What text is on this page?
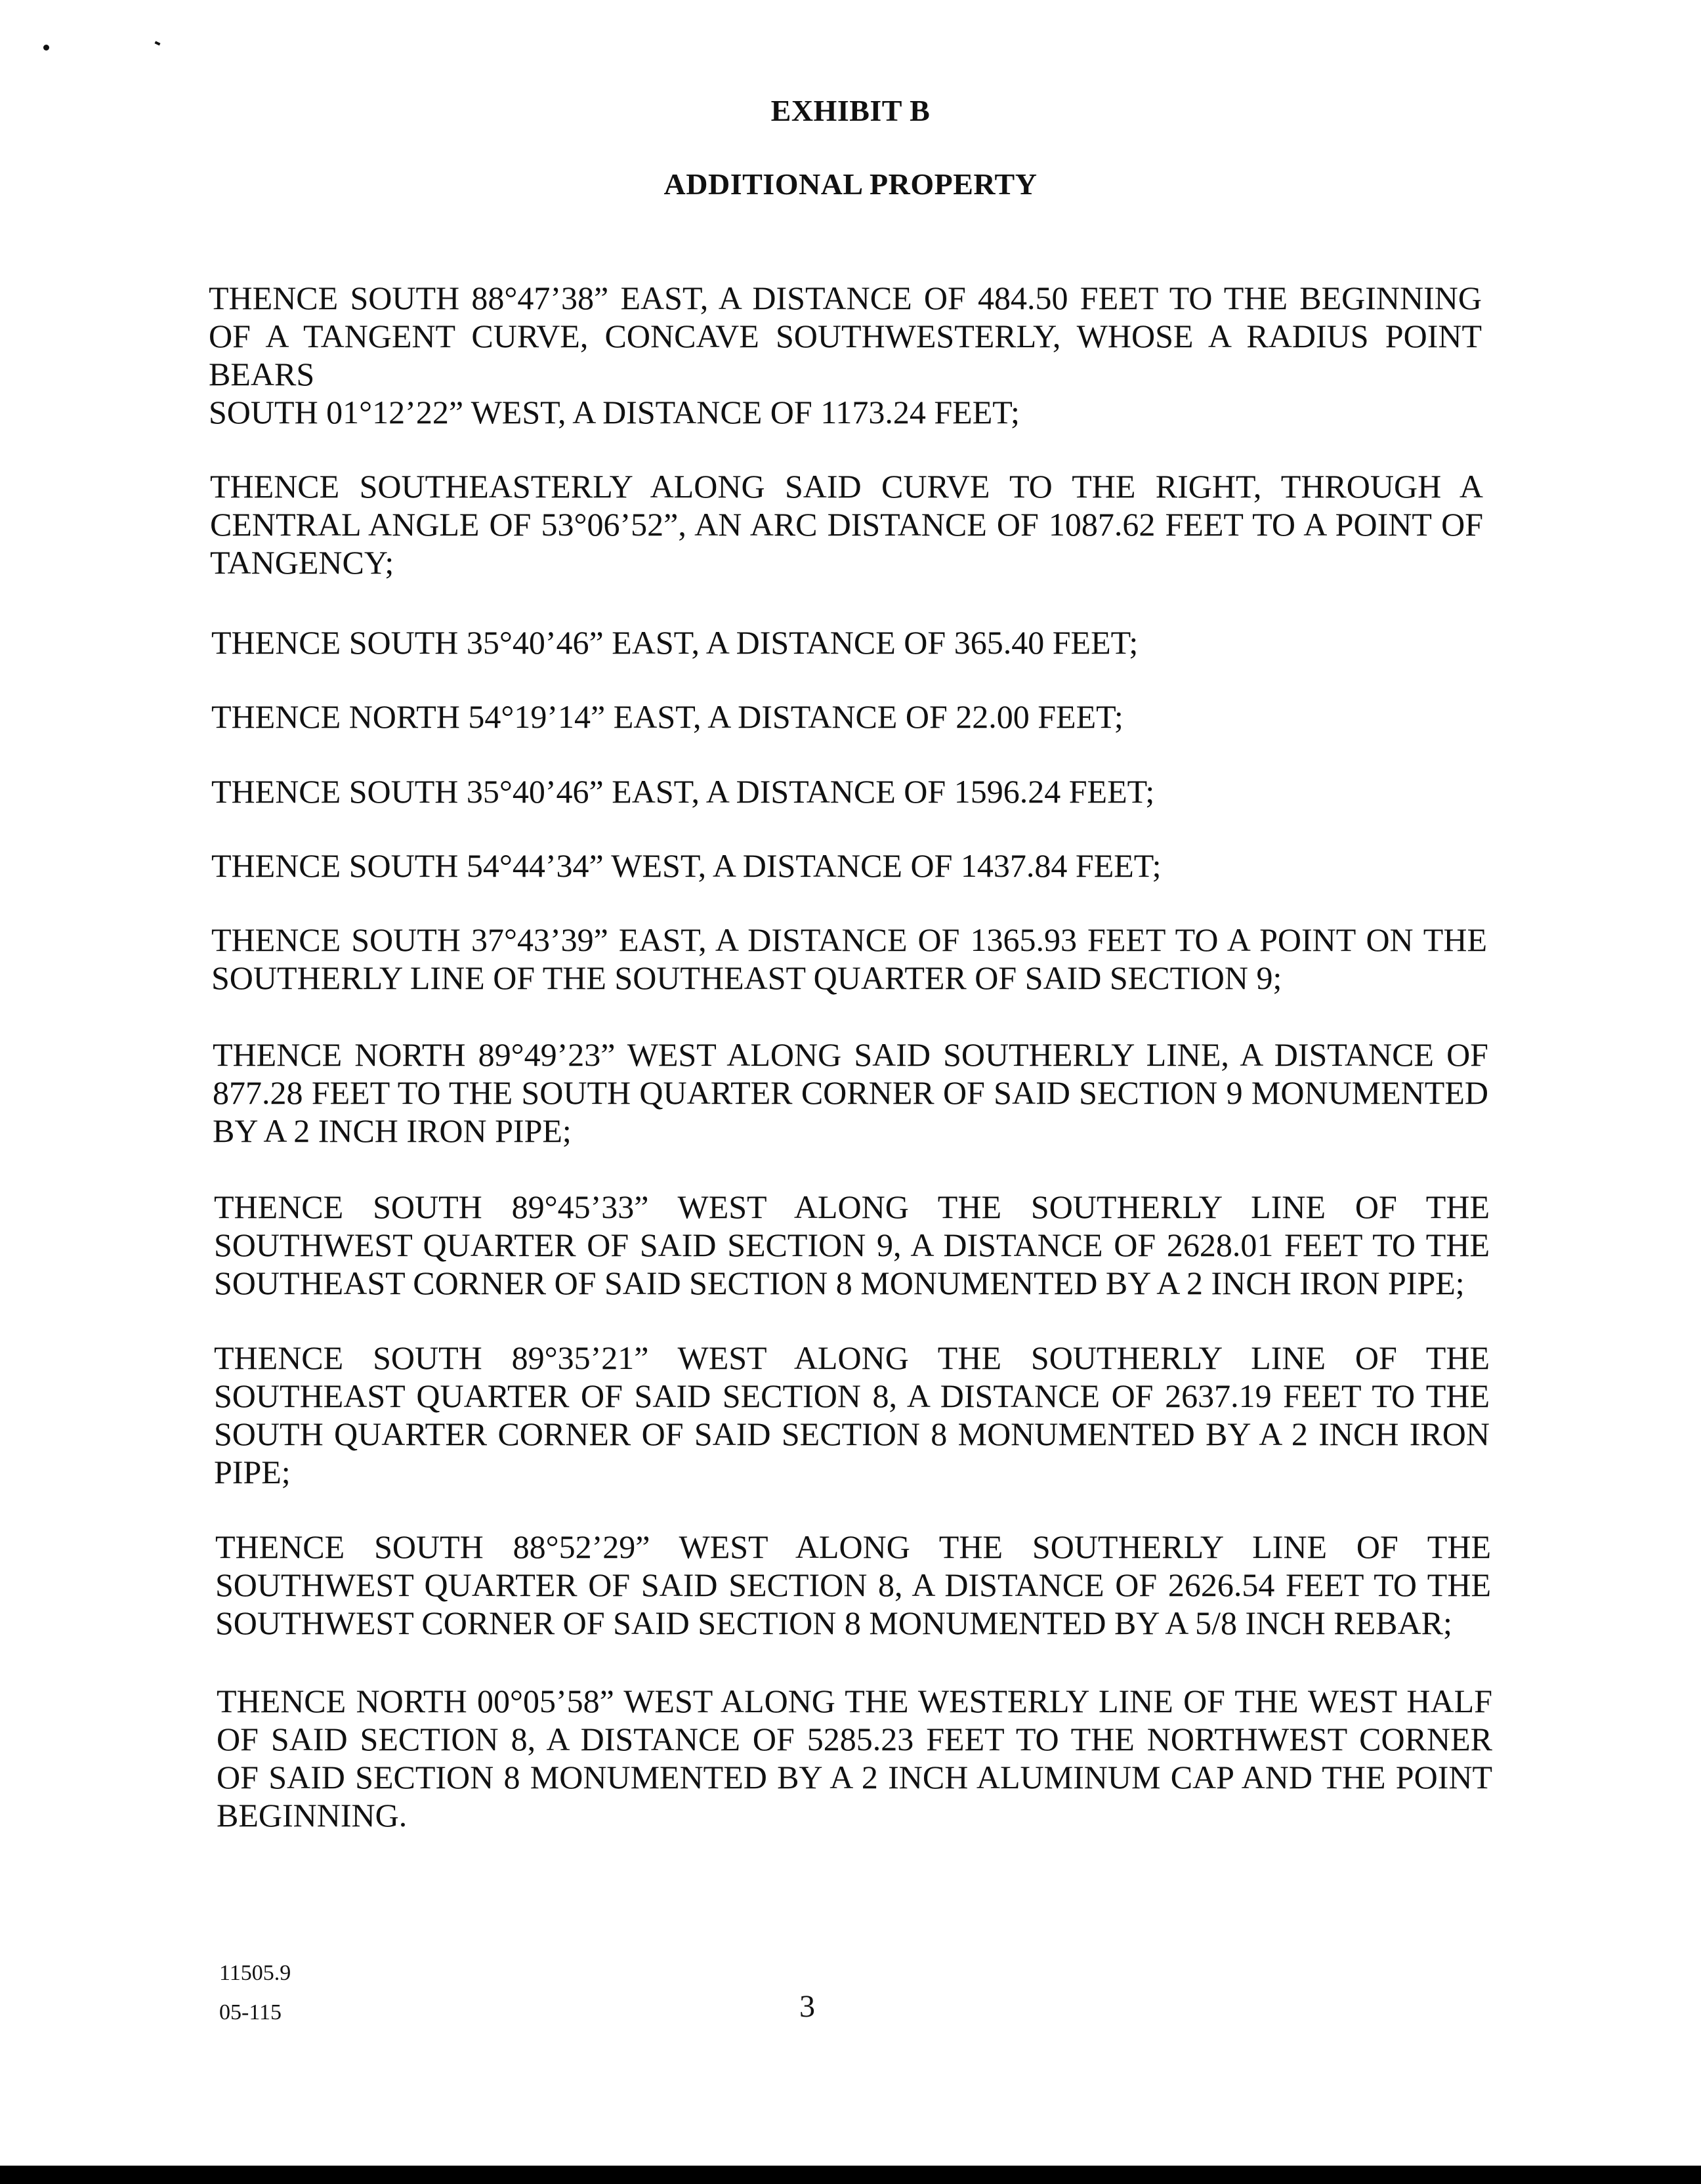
EXHIBIT B
ADDITIONAL PROPERTY
THENCE SOUTH 88°47’38” EAST, A DISTANCE OF 484.50 FEET TO THE BEGINNING
OF A TANGENT CURVE, CONCAVE SOUTHWESTERLY, WHOSE A RADIUS POINT
BEARS
SOUTH 01°12’22” WEST, A DISTANCE OF 1173.24 FEET;
THENCE SOUTHEASTERLY ALONG SAID CURVE TO THE RIGHT, THROUGH A
CENTRAL ANGLE OF 53°06’52”, AN ARC DISTANCE OF 1087.62 FEET TO A POINT OF
TANGENCY;
THENCE SOUTH 35°40’46” EAST, A DISTANCE OF 365.40 FEET;
THENCE NORTH 54°19’14” EAST, A DISTANCE OF 22.00 FEET;
THENCE SOUTH 35°40’46” EAST, A DISTANCE OF 1596.24 FEET;
THENCE SOUTH 54°44’34” WEST, A DISTANCE OF 1437.84 FEET;
THENCE SOUTH 37°43’39” EAST, A DISTANCE OF 1365.93 FEET TO A POINT ON THE
SOUTHERLY LINE OF THE SOUTHEAST QUARTER OF SAID SECTION 9;
THENCE NORTH 89°49’23” WEST ALONG SAID SOUTHERLY LINE, A DISTANCE OF
877.28 FEET TO THE SOUTH QUARTER CORNER OF SAID SECTION 9 MONUMENTED
BY A 2 INCH IRON PIPE;
THENCE SOUTH 89°45’33” WEST ALONG THE SOUTHERLY LINE OF THE
SOUTHWEST QUARTER OF SAID SECTION 9, A DISTANCE OF 2628.01 FEET TO THE
SOUTHEAST CORNER OF SAID SECTION 8 MONUMENTED BY A 2 INCH IRON PIPE;
THENCE SOUTH 89°35’21” WEST ALONG THE SOUTHERLY LINE OF THE
SOUTHEAST QUARTER OF SAID SECTION 8, A DISTANCE OF 2637.19 FEET TO THE
SOUTH QUARTER CORNER OF SAID SECTION 8 MONUMENTED BY A 2 INCH IRON
PIPE;
THENCE SOUTH 88°52’29” WEST ALONG THE SOUTHERLY LINE OF THE
SOUTHWEST QUARTER OF SAID SECTION 8, A DISTANCE OF 2626.54 FEET TO THE
SOUTHWEST CORNER OF SAID SECTION 8 MONUMENTED BY A 5/8 INCH REBAR;
THENCE NORTH 00°05’58” WEST ALONG THE WESTERLY LINE OF THE WEST HALF
OF SAID SECTION 8, A DISTANCE OF 5285.23 FEET TO THE NORTHWEST CORNER
OF SAID SECTION 8 MONUMENTED BY A 2 INCH ALUMINUM CAP AND THE POINT
BEGINNING.
11505.9
05-115	3
